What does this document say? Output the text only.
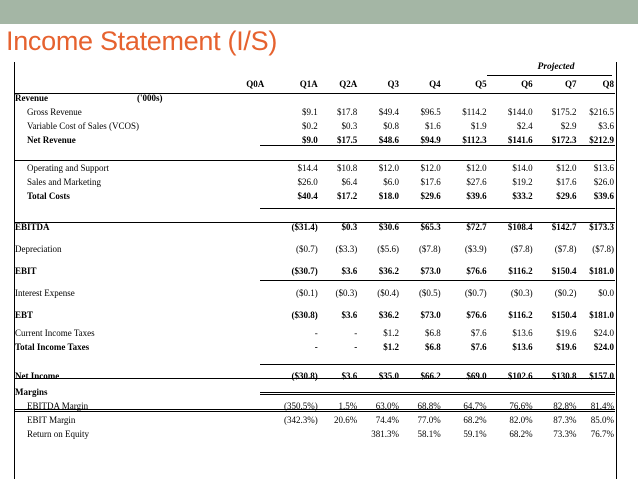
Income Statement (I/S)
Projected
	Q0A	Q1A	Q2A	Q3	Q4	Q5	Q6	Q7	Q8
Revenue ('000s)									

Gross Revenue		$9.1	$17.8	$49.4	$96.5	$114.2	$144.0	$175.2	$216.5
Variable Cost of Sales (VCOS)		$0.2	$0.3	$0.8	$1.6	$1.9	$2.4	$2.9	$3.6
Net Revenue		$9.0	$17.5	$48.6	$94.9	$112.3	$141.6	$172.3	$212.9

Operating and Support		$14.4	$10.8	$12.0	$12.0	$12.0	$14.0	$12.0	$13.6
Sales and Marketing		$26.0	$6.4	$6.0	$17.6	$27.6	$19.2	$17.6	$26.0
Total Costs		$40.4	$17.2	$18.0	$29.6	$39.6	$33.2	$29.6	$39.6

EBITDA		($31.4)	$0.3	$30.6	$65.3	$72.7	$108.4	$142.7	$173.3
Depreciation		($0.7)	($3.3)	($5.6)	($7.8)	($3.9)	($7.8)	($7.8)	($7.8)
EBIT		($30.7)	$3.6	$36.2	$73.0	$76.6	$116.2	$150.4	$181.0
Interest Expense		($0.1)	($0.3)	($0.4)	($0.5)	($0.7)	($0.3)	($0.2)	$0.0
EBT		($30.8)	$3.6	$36.2	$73.0	$76.6	$116.2	$150.4	$181.0
Current Income Taxes		-	-	$1.2	$6.8	$7.6	$13.6	$19.6	$24.0
Total Income Taxes		-	-	$1.2	$6.8	$7.6	$13.6	$19.6	$24.0

Net Income		($30.8)	$3.6	$35.0	$66.2	$69.0	$102.6	$130.8	$157.0
Margins									
EBITDA Margin		(350.5%)	1.5%	63.0%	68.8%	64.7%	76.6%	82.8%	81.4%
EBIT Margin		(342.3%)	20.6%	74.4%	77.0%	68.2%	82.0%	87.3%	85.0%
Return on Equity				381.3%	58.1%	59.1%	68.2%	73.3%	76.7%
